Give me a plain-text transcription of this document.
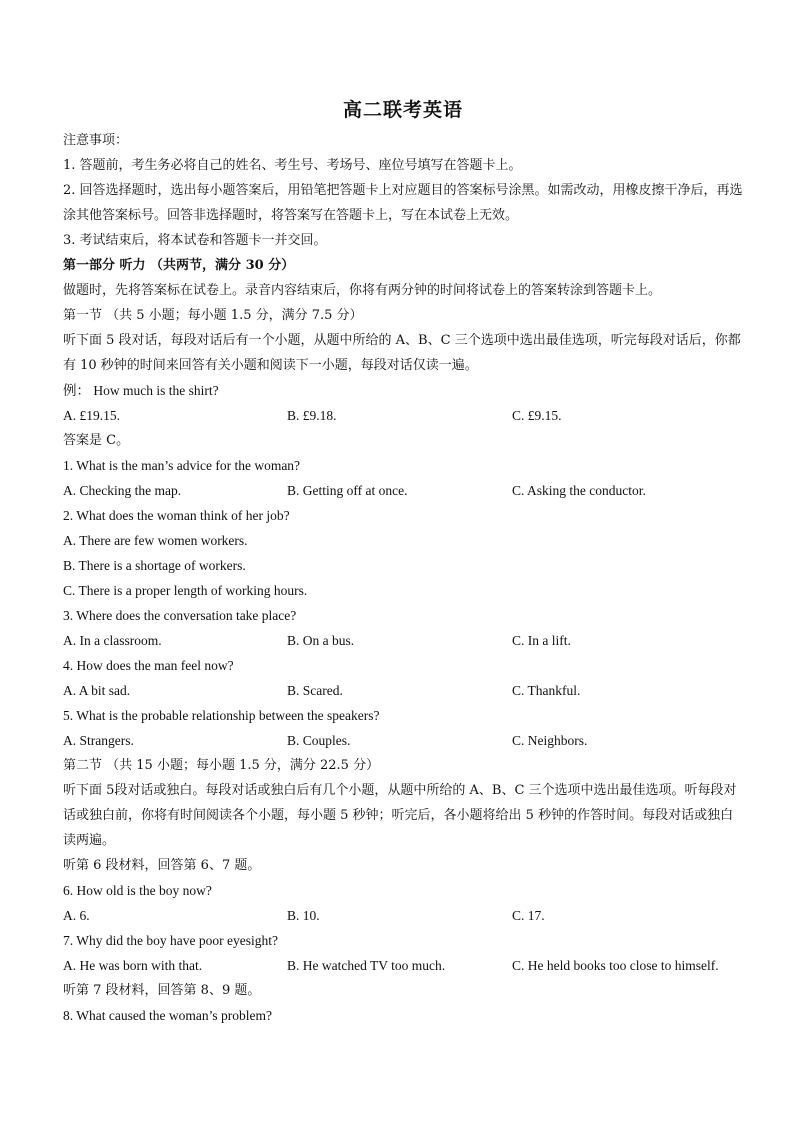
高二联考英语
注意事项：
1. 答题前，考生务必将自己的姓名、考生号、考场号、座位号填写在答题卡上。
2. 回答选择题时，选出每小题答案后，用铅笔把答题卡上对应题目的答案标号涂黑。如需改动，用橡皮擦干净后，再选涂其他答案标号。回答非选择题时，将答案写在答题卡上，写在本试卷上无效。
3. 考试结束后，将本试卷和答题卡一并交回。
第一部分 听力 （共两节，满分 30 分）
做题时，先将答案标在试卷上。录音内容结束后，你将有两分钟的时间将试卷上的答案转涂到答题卡上。
第一节 （共 5 小题；每小题 1.5 分，满分 7.5 分）
听下面 5 段对话，每段对话后有一个小题，从题中所给的 A、B、C 三个选项中选出最佳选项，听完每段对话后，你都有 10 秒钟的时间来回答有关小题和阅读下一小题，每段对话仅读一遍。
例： How much is the shirt?
A. £19.15.	B. £9.18.	C. £9.15.
答案是 C。
1. What is the man’s advice for the woman?
A. Checking the map.	B. Getting off at once.	C. Asking the conductor.
2. What does the woman think of her job?
A. There are few women workers.
B. There is a shortage of workers.
C. There is a proper length of working hours.
3. Where does the conversation take place?
A. In a classroom.	B. On a bus.	C. In a lift.
4. How does the man feel now?
A. A bit sad.	B. Scared.	C. Thankful.
5. What is the probable relationship between the speakers?
A. Strangers.	B. Couples.	C. Neighbors.
第二节 （共 15 小题；每小题 1.5 分，满分 22.5 分）
听下面 5段对话或独白。每段对话或独白后有几个小题，从题中所给的 A、B、C 三个选项中选出最佳选项。听每段对话或独白前，你将有时间阅读各个小题，每小题 5 秒钟；听完后，各小题将给出 5 秒钟的作答时间。每段对话或独白读两遍。
听第 6 段材料，回答第 6、7 题。
6. How old is the boy now?
A. 6.	B. 10.	C. 17.
7. Why did the boy have poor eyesight?
A. He was born with that.	B. He watched TV too much.	C. He held books too close to himself.
听第 7 段材料，回答第 8、9 题。
8. What caused the woman’s problem?
